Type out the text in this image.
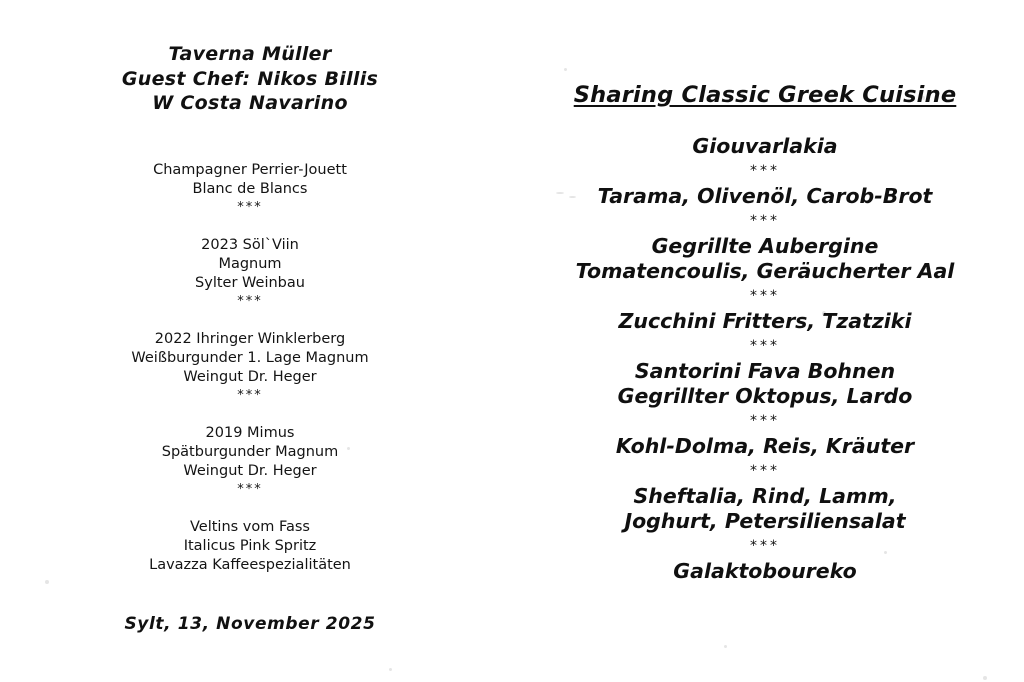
Taverna Müller
Guest Chef: Nikos Billis
W Costa Navarino
Champagner Perrier-Jouett
Blanc de Blancs
***
2023 Söl`Viin
Magnum
Sylter Weinbau
***
2022 Ihringer Winklerberg
Weißburgunder 1. Lage Magnum
Weingut Dr. Heger
***
2019 Mimus
Spätburgunder Magnum
Weingut Dr. Heger
***
Veltins vom Fass
Italicus Pink Spritz
Lavazza Kaffeespezialitäten
Sylt, 13, November 2025
Sharing Classic Greek Cuisine
Giouvarlakia
***
Tarama, Olivenöl, Carob-Brot
***
Gegrillte Aubergine
Tomatencoulis, Geräucherter Aal
***
Zucchini Fritters, Tzatziki
***
Santorini Fava Bohnen
Gegrillter Oktopus, Lardo
***
Kohl-Dolma, Reis, Kräuter
***
Sheftalia, Rind, Lamm,
Joghurt, Petersiliensalat
***
Galaktoboureko
